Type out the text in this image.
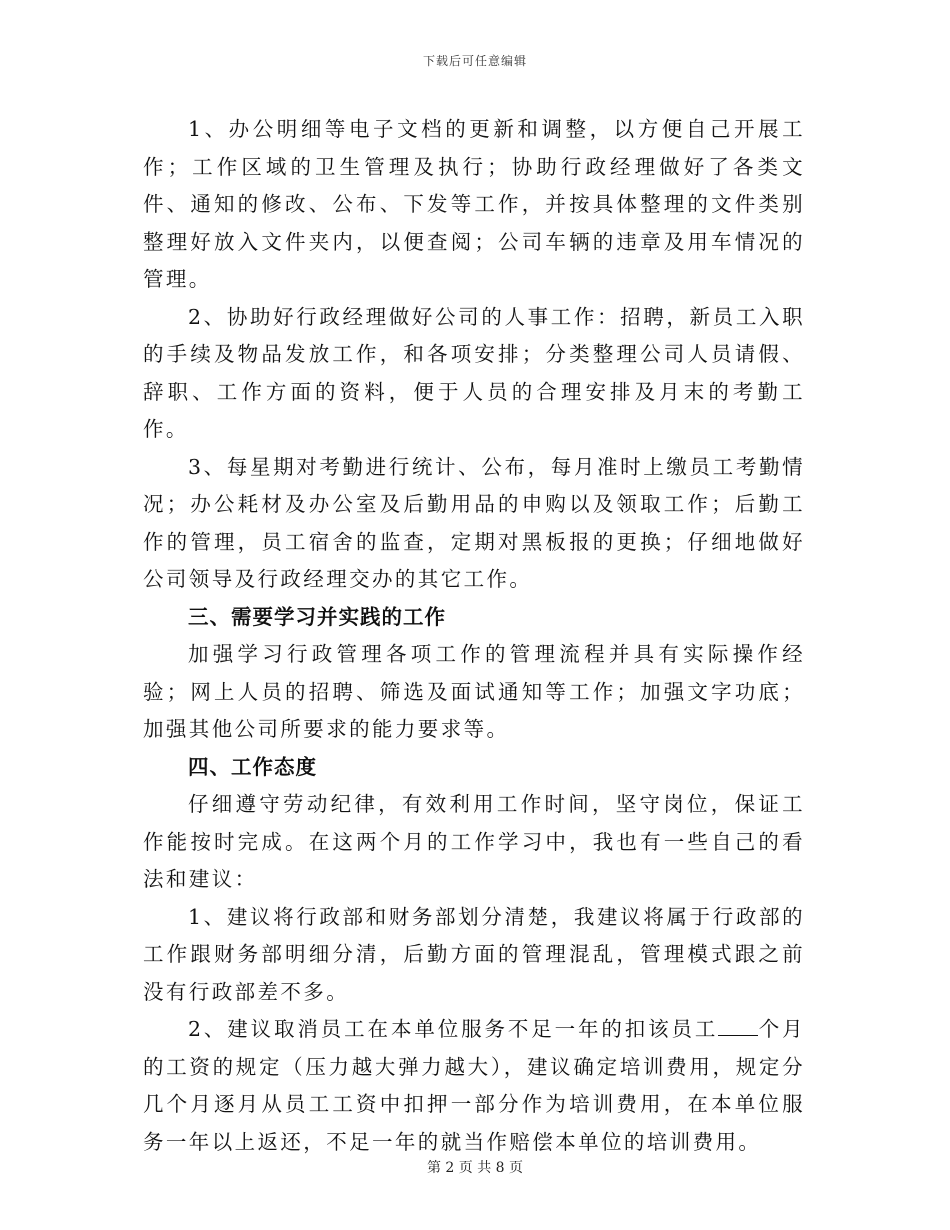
下载后可任意编辑

1、办公明细等电子文档的更新和调整，以方便自己开展工作；工作区域的卫生管理及执行；协助行政经理做好了各类文件、通知的修改、公布、下发等工作，并按具体整理的文件类别整理好放入文件夹内，以便查阅；公司车辆的违章及用车情况的管理。

2、协助好行政经理做好公司的人事工作：招聘，新员工入职的手续及物品发放工作，和各项安排；分类整理公司人员请假、辞职、工作方面的资料，便于人员的合理安排及月末的考勤工作。

3、每星期对考勤进行统计、公布，每月准时上缴员工考勤情况；办公耗材及办公室及后勤用品的申购以及领取工作；后勤工作的管理，员工宿舍的监查，定期对黑板报的更换；仔细地做好公司领导及行政经理交办的其它工作。

三、需要学习并实践的工作

加强学习行政管理各项工作的管理流程并具有实际操作经验；网上人员的招聘、筛选及面试通知等工作；加强文字功底；加强其他公司所要求的能力要求等。

四、工作态度

仔细遵守劳动纪律，有效利用工作时间，坚守岗位，保证工作能按时完成。在这两个月的工作学习中，我也有一些自己的看法和建议：

1、建议将行政部和财务部划分清楚，我建议将属于行政部的工作跟财务部明细分清，后勤方面的管理混乱，管理模式跟之前没有行政部差不多。

2、建议取消员工在本单位服务不足一年的扣该员工 个月的工资的规定（压力越大弹力越大），建议确定培训费用，规定分几个月逐月从员工工资中扣押一部分作为培训费用，在本单位服务一年以上返还，不足一年的就当作赔偿本单位的培训费用。

第 2 页 共 8 页
